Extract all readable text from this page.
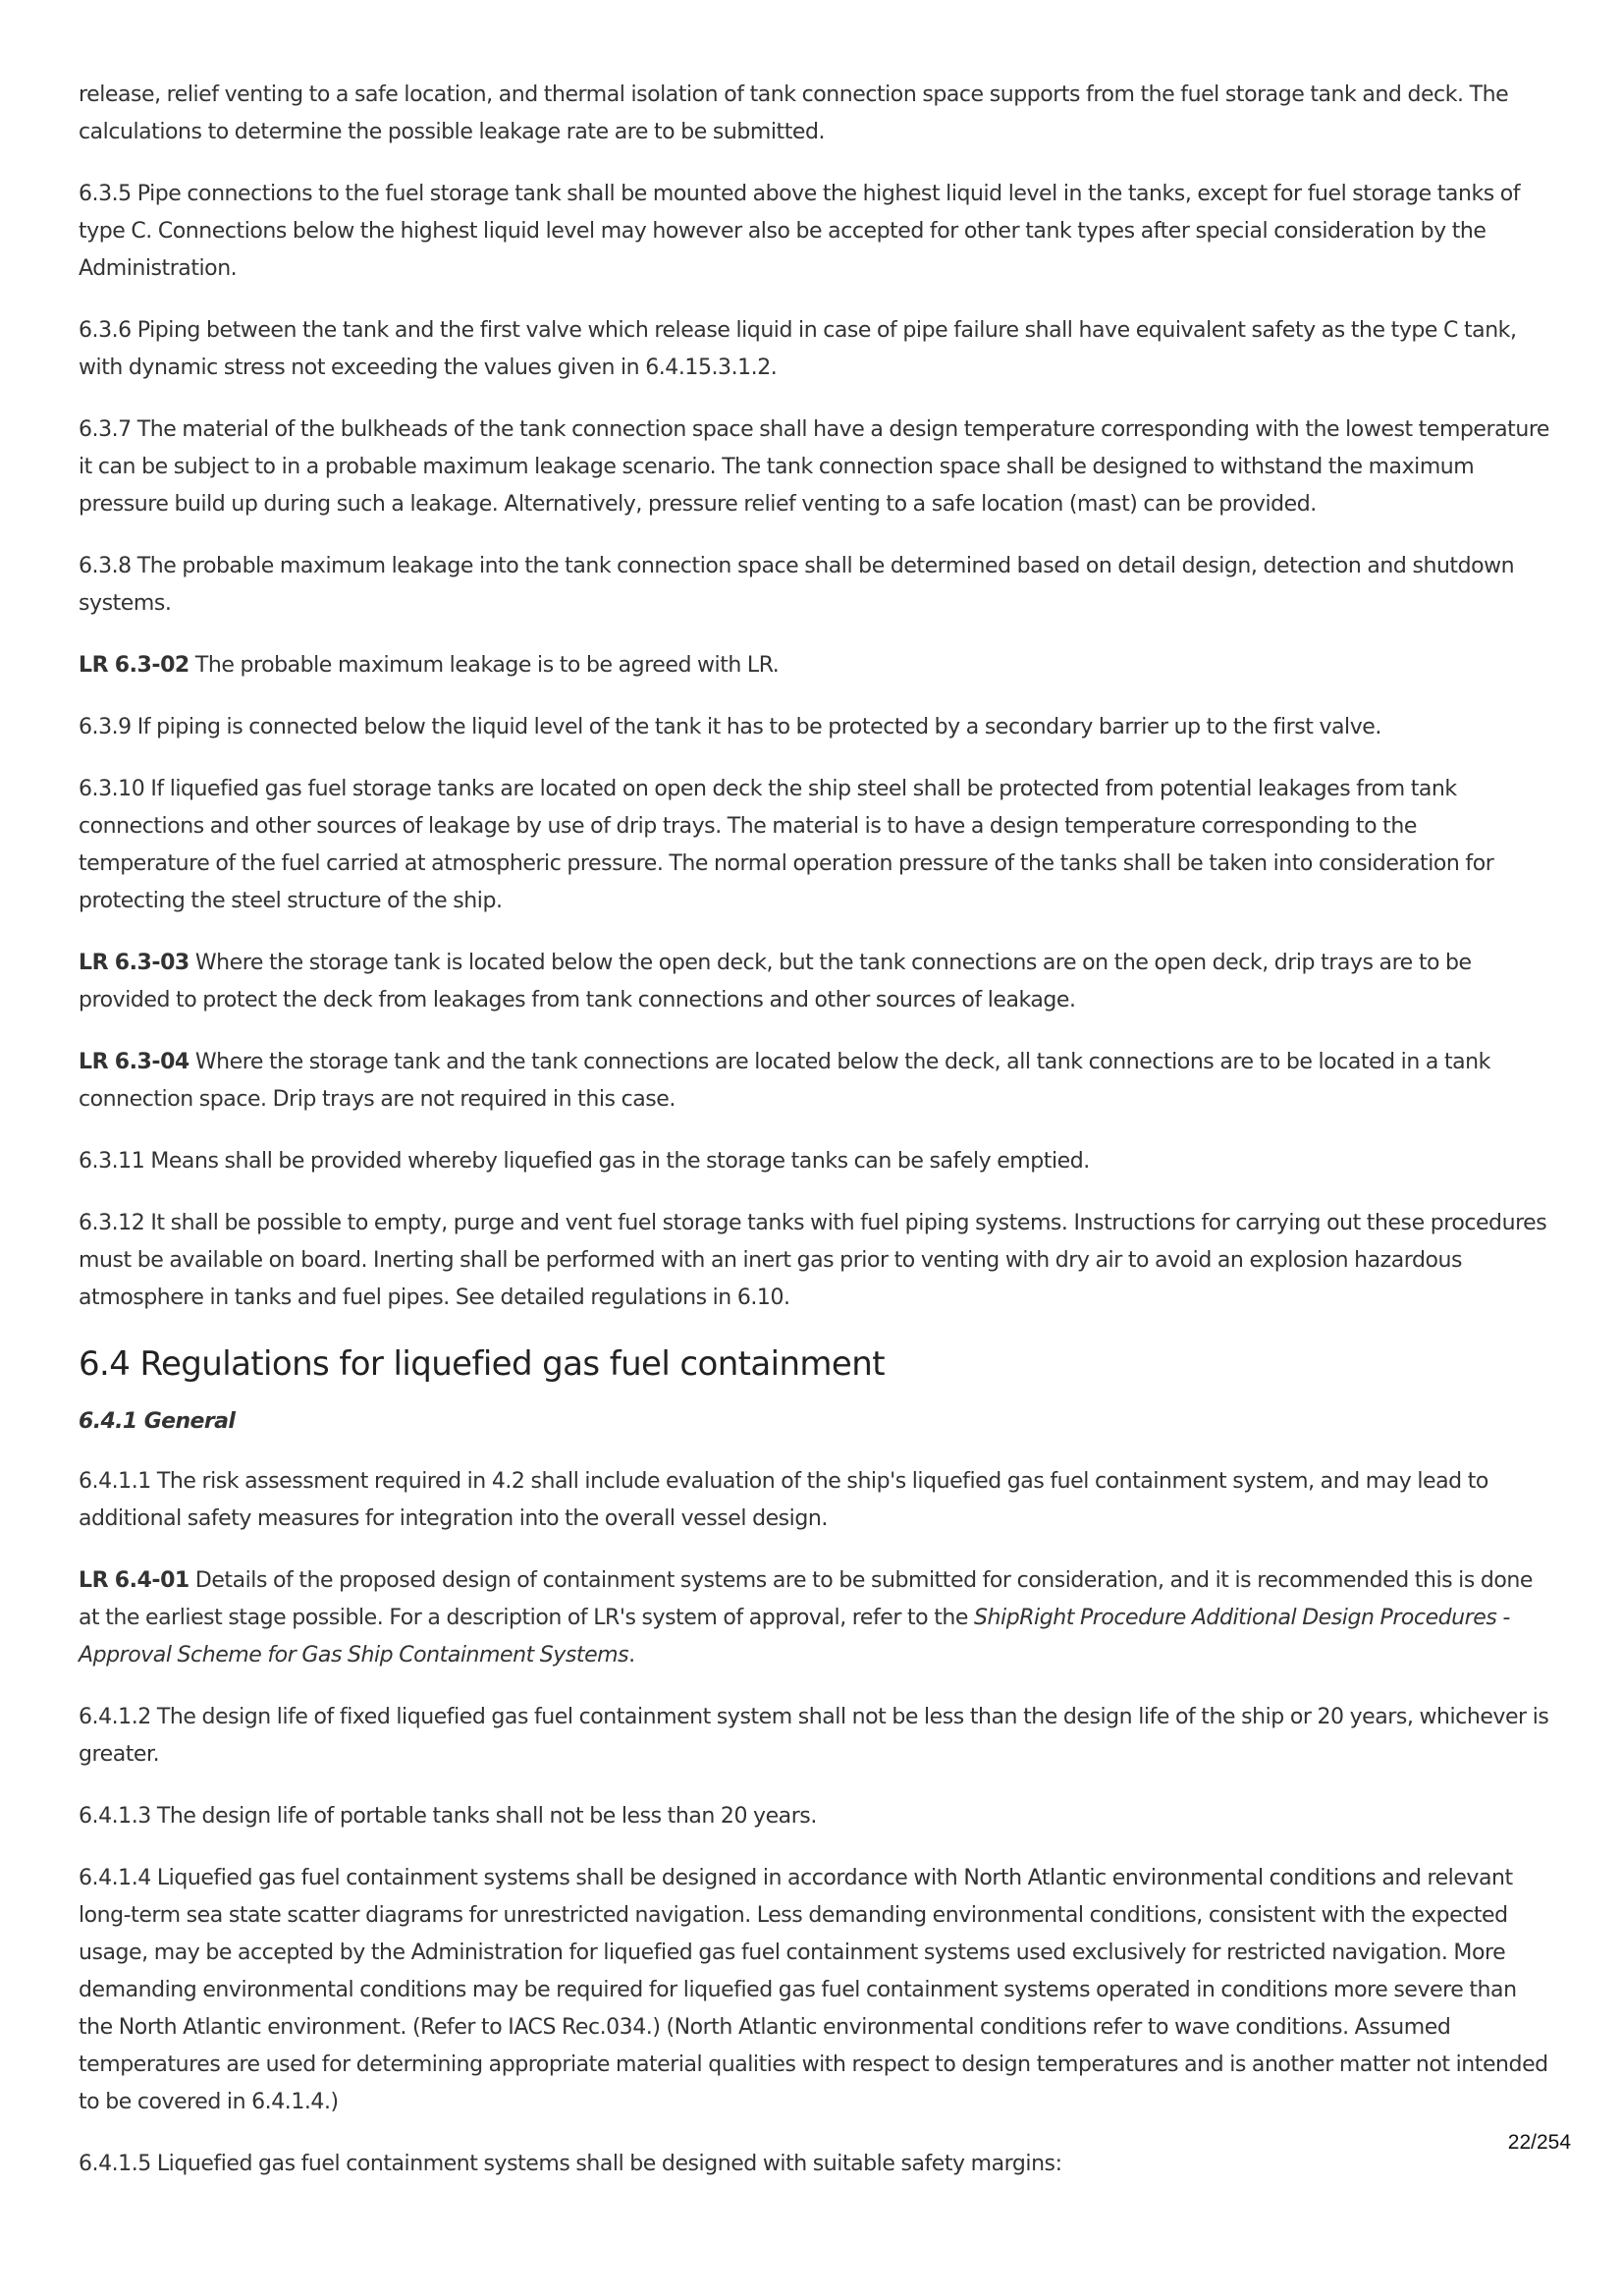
release, relief venting to a safe location, and thermal isolation of tank connection space supports from the fuel storage tank and deck. The calculations to determine the possible leakage rate are to be submitted.

6.3.5 Pipe connections to the fuel storage tank shall be mounted above the highest liquid level in the tanks, except for fuel storage tanks of type C. Connections below the highest liquid level may however also be accepted for other tank types after special consideration by the Administration.

6.3.6 Piping between the tank and the first valve which release liquid in case of pipe failure shall have equivalent safety as the type C tank, with dynamic stress not exceeding the values given in 6.4.15.3.1.2.

6.3.7 The material of the bulkheads of the tank connection space shall have a design temperature corresponding with the lowest temperature it can be subject to in a probable maximum leakage scenario. The tank connection space shall be designed to withstand the maximum pressure build up during such a leakage. Alternatively, pressure relief venting to a safe location (mast) can be provided.

6.3.8 The probable maximum leakage into the tank connection space shall be determined based on detail design, detection and shutdown systems.

LR 6.3-02 The probable maximum leakage is to be agreed with LR.

6.3.9 If piping is connected below the liquid level of the tank it has to be protected by a secondary barrier up to the first valve.

6.3.10 If liquefied gas fuel storage tanks are located on open deck the ship steel shall be protected from potential leakages from tank connections and other sources of leakage by use of drip trays. The material is to have a design temperature corresponding to the temperature of the fuel carried at atmospheric pressure. The normal operation pressure of the tanks shall be taken into consideration for protecting the steel structure of the ship.

LR 6.3-03 Where the storage tank is located below the open deck, but the tank connections are on the open deck, drip trays are to be provided to protect the deck from leakages from tank connections and other sources of leakage.

LR 6.3-04 Where the storage tank and the tank connections are located below the deck, all tank connections are to be located in a tank connection space. Drip trays are not required in this case.

6.3.11 Means shall be provided whereby liquefied gas in the storage tanks can be safely emptied.

6.3.12 It shall be possible to empty, purge and vent fuel storage tanks with fuel piping systems. Instructions for carrying out these procedures must be available on board. Inerting shall be performed with an inert gas prior to venting with dry air to avoid an explosion hazardous atmosphere in tanks and fuel pipes. See detailed regulations in 6.10.

6.4 Regulations for liquefied gas fuel containment
6.4.1 General

6.4.1.1 The risk assessment required in 4.2 shall include evaluation of the ship's liquefied gas fuel containment system, and may lead to additional safety measures for integration into the overall vessel design.

LR 6.4-01 Details of the proposed design of containment systems are to be submitted for consideration, and it is recommended this is done at the earliest stage possible. For a description of LR's system of approval, refer to the ShipRight Procedure Additional Design Procedures - Approval Scheme for Gas Ship Containment Systems.

6.4.1.2 The design life of fixed liquefied gas fuel containment system shall not be less than the design life of the ship or 20 years, whichever is greater.

6.4.1.3 The design life of portable tanks shall not be less than 20 years.

6.4.1.4 Liquefied gas fuel containment systems shall be designed in accordance with North Atlantic environmental conditions and relevant long-term sea state scatter diagrams for unrestricted navigation. Less demanding environmental conditions, consistent with the expected usage, may be accepted by the Administration for liquefied gas fuel containment systems used exclusively for restricted navigation. More demanding environmental conditions may be required for liquefied gas fuel containment systems operated in conditions more severe than the North Atlantic environment. (Refer to IACS Rec.034.) (North Atlantic environmental conditions refer to wave conditions. Assumed temperatures are used for determining appropriate material qualities with respect to design temperatures and is another matter not intended to be covered in 6.4.1.4.)

6.4.1.5 Liquefied gas fuel containment systems shall be designed with suitable safety margins:

22/254
